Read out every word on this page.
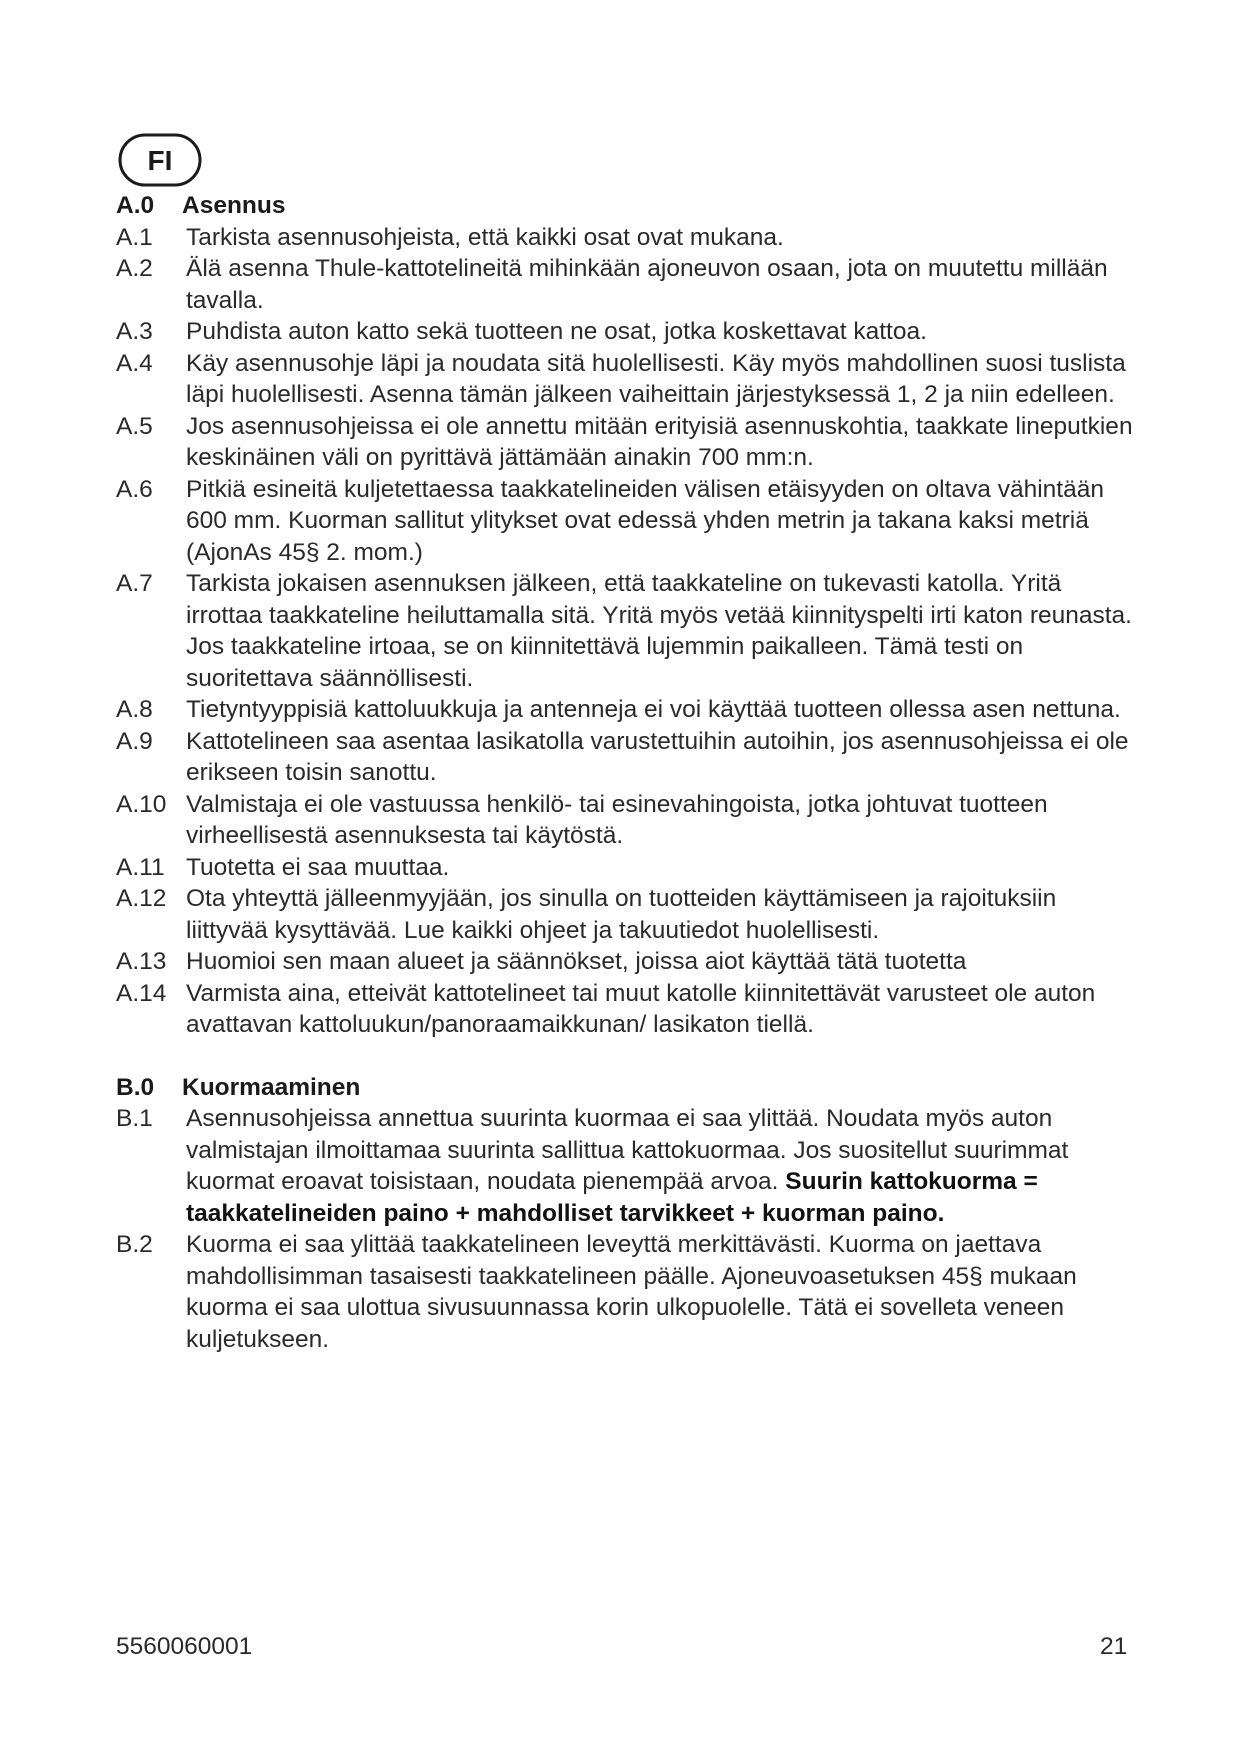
FI
A.0 Asennus

A.1 Tarkista asennusohjeista, että kaikki osat ovat mukana.

A.2 Älä asenna Thule-kattotelineitä mihinkään ajoneuvon osaan, jota on muutettu millään tavalla.

A.3 Puhdista auton katto sekä tuotteen ne osat, jotka koskettavat kattoa.

A.4 Käy asennusohje läpi ja noudata sitä huolellisesti. Käy myös mahdollinen suosi tuslista läpi huolellisesti. Asenna tämän jälkeen vaiheittain järjestyksessä 1, 2 ja niin edelleen.

A.5 Jos asennusohjeissa ei ole annettu mitään erityisiä asennuskohtia, taakkate lineputkien keskinäinen väli on pyrittävä jättämään ainakin 700 mm:n.

A.6 Pitkiä esineitä kuljetettaessa taakkatelineiden välisen etäisyyden on oltava vähintään 600 mm. Kuorman sallitut ylitykset ovat edessä yhden metrin ja takana kaksi metriä (AjonAs 45§ 2. mom.)

A.7 Tarkista jokaisen asennuksen jälkeen, että taakkateline on tukevasti katolla. Yritä irrottaa taakkateline heiluttamalla sitä. Yritä myös vetää kiinnityspelti irti katon reunasta. Jos taakkateline irtoaa, se on kiinnitettävä lujemmin paikalleen. Tämä testi on suoritettava säännöllisesti.

A.8 Tietyntyyppisiä kattoluukkuja ja antenneja ei voi käyttää tuotteen ollessa asen nettuna.

A.9 Kattotelineen saa asentaa lasikatolla varustettuihin autoihin, jos asennusohjeissa ei ole erikseen toisin sanottu.

A.10 Valmistaja ei ole vastuussa henkilö- tai esinevahingoista, jotka johtuvat tuotteen virheellisestä asennuksesta tai käytöstä.

A.11 Tuotetta ei saa muuttaa.

A.12 Ota yhteyttä jälleenmyyjään, jos sinulla on tuotteiden käyttämiseen ja rajoituksiin liittyvää kysyttävää. Lue kaikki ohjeet ja takuutiedot huolellisesti.

A.13 Huomioi sen maan alueet ja säännökset, joissa aiot käyttää tätä tuotetta

A.14 Varmista aina, etteivät kattotelineet tai muut katolle kiinnitettävät varusteet ole auton avattavan kattoluukun/panoraamaikkunan/ lasikaton tiellä.

B.0 Kuormaaminen

B.1 Asennusohjeissa annettua suurinta kuormaa ei saa ylittää. Noudata myös auton valmistajan ilmoittamaa suurinta sallittua kattokuormaa. Jos suositellut suurimmat kuormat eroavat toisistaan, noudata pienempää arvoa. Suurin kattokuorma = taakkatelineiden paino + mahdolliset tarvikkeet + kuorman paino.

B.2 Kuorma ei saa ylittää taakkatelineen leveyttä merkittävästi. Kuorma on jaettava mahdollisimman tasaisesti taakkatelineen päälle. Ajoneuvoasetuksen 45§ mukaan kuorma ei saa ulottua sivusuunnassa korin ulkopuolelle. Tätä ei sovelleta veneen kuljetukseen.

5560060001	21
